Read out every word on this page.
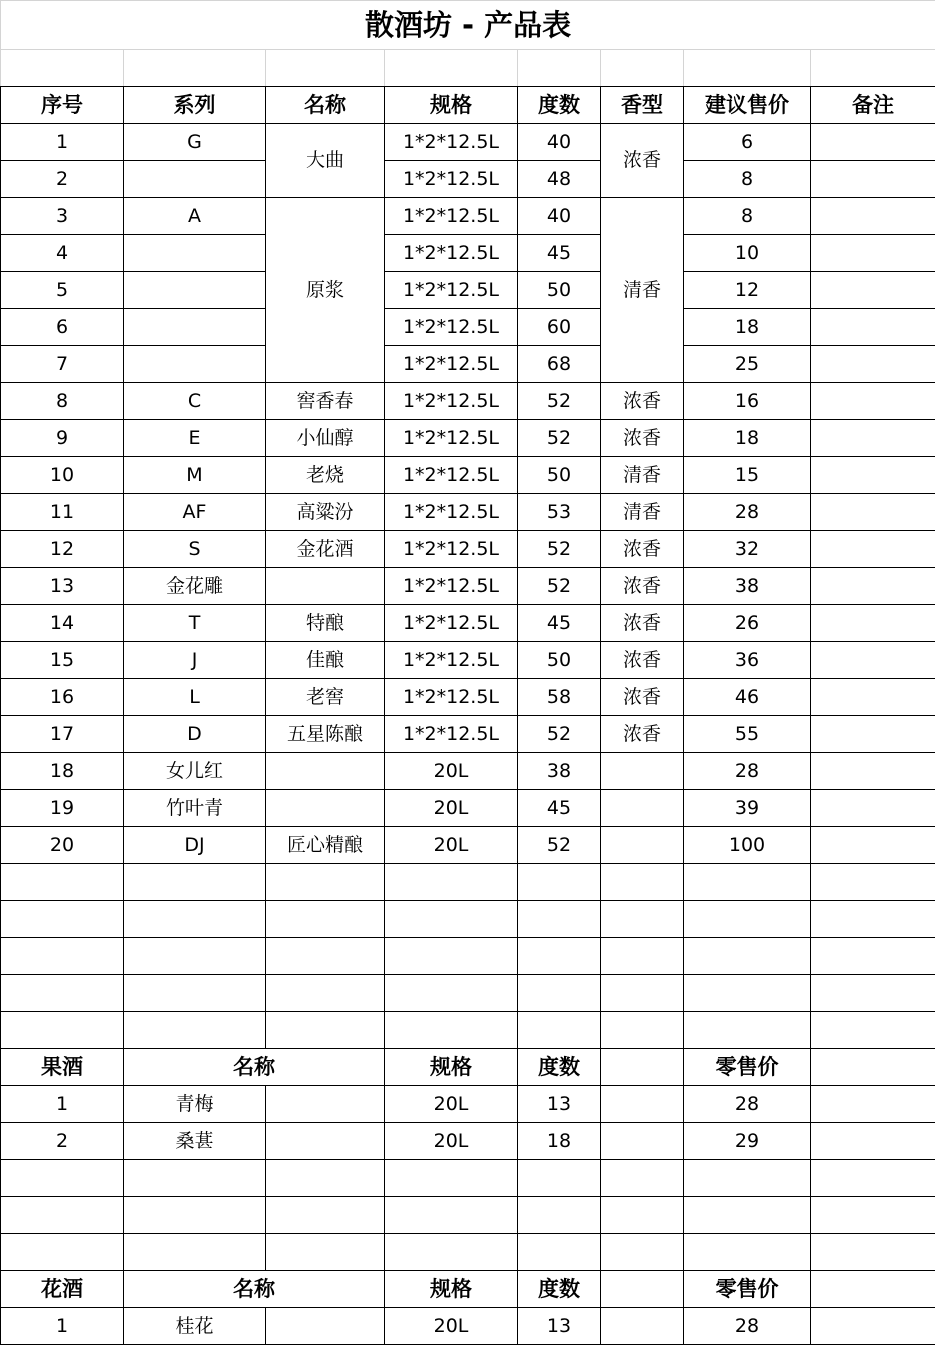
散酒坊 - 产品表							

序号	系列	名称	规格	度数	香型	建议售价	备注
1	G	大曲	1*2*12.5L	40	浓香	6	
2			1*2*12.5L	48		8	
3	A	原浆	1*2*12.5L	40	清香	8	
4			1*2*12.5L	45		10	
5			1*2*12.5L	50		12	
6			1*2*12.5L	60		18	
7			1*2*12.5L	68		25	
8	C	窖香春	1*2*12.5L	52	浓香	16	
9	E	小仙醇	1*2*12.5L	52	浓香	18	
10	M	老烧	1*2*12.5L	50	清香	15	
11	AF	高粱汾	1*2*12.5L	53	清香	28	
12	S	金花酒	1*2*12.5L	52	浓香	32	
13	金花雕		1*2*12.5L	52	浓香	38	
14	T	特酿	1*2*12.5L	45	浓香	26	
15	J	佳酿	1*2*12.5L	50	浓香	36	
16	L	老窖	1*2*12.5L	58	浓香	46	
17	D	五星陈酿	1*2*12.5L	52	浓香	55	
18	女儿红		20L	38		28	
19	竹叶青		20L	45		39	
20	DJ	匠心精酿	20L	52		100	

果酒	名称		规格	度数		零售价	
1	青梅		20L	13		28	
2	桑葚		20L	18		29	

花酒	名称		规格	度数		零售价	
1	桂花		20L	13		28	
